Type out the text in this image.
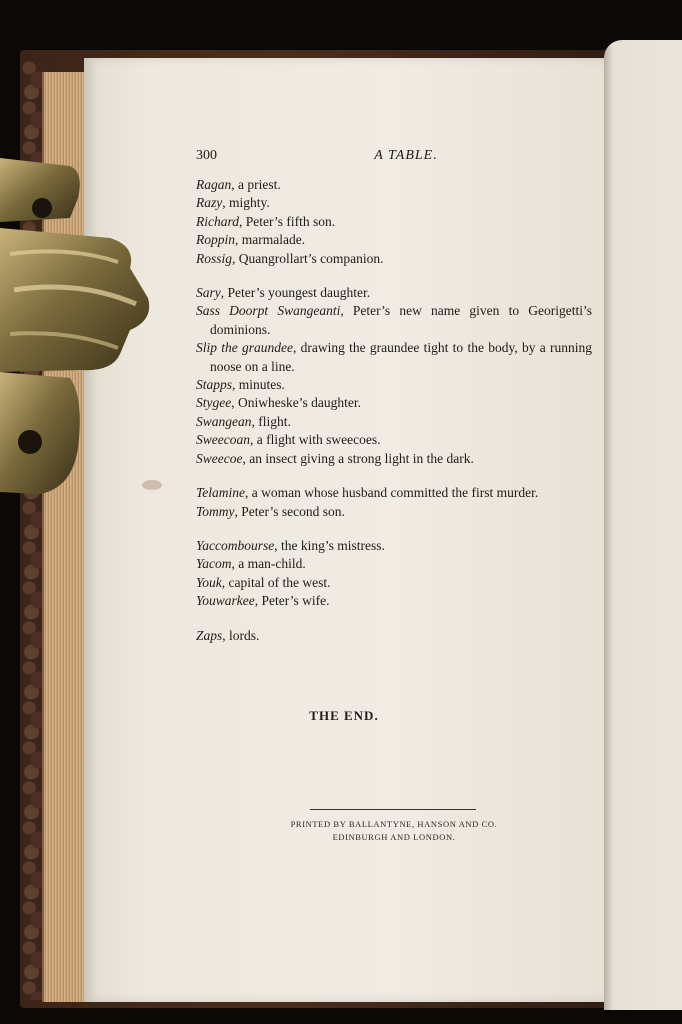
300	A TABLE.
Ragan, a priest.
Razy, mighty.
Richard, Peter’s fifth son.
Roppin, marmalade.
Rossig, Quangrollart’s companion.
Sary, Peter’s youngest daughter.
Sass Doorpt Swangeanti, Peter’s new name given to Georigetti’s dominions.
Slip the graundee, drawing the graundee tight to the body, by a running noose on a line.
Stapps, minutes.
Stygee, Oniwheske’s daughter.
Swangean, flight.
Sweecoan, a flight with sweecoes.
Sweecoe, an insect giving a strong light in the dark.
Telamine, a woman whose husband committed the first murder.
Tommy, Peter’s second son.
Yaccombourse, the king’s mistress.
Yacom, a man-child.
Youk, capital of the west.
Youwarkee, Peter’s wife.
Zaps, lords.
THE END.
PRINTED BY BALLANTYNE, HANSON AND CO.
EDINBURGH AND LONDON.
